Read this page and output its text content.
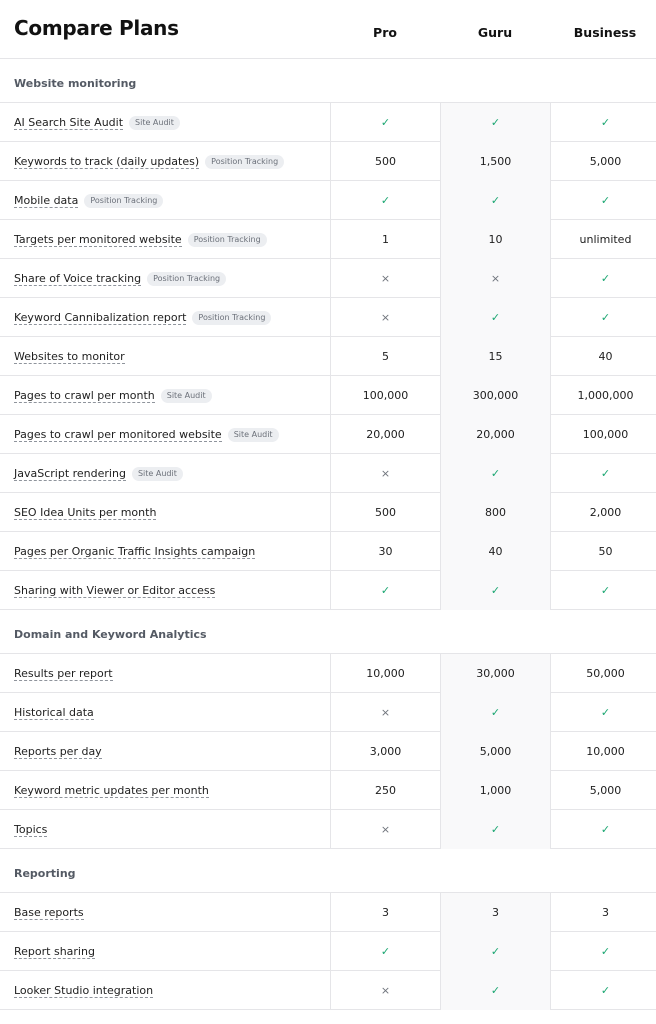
Compare Plans	Pro	Guru	Business
Website monitoring
AI Search Site Audit	Site Audit	✓	✓	✓
Keywords to track (daily updates)	Position Tracking	500	1,500	5,000
Mobile data	Position Tracking	✓	✓	✓
Targets per monitored website	Position Tracking	1	10	unlimited
Share of Voice tracking	Position Tracking	×	×	✓
Keyword Cannibalization report	Position Tracking	×	✓	✓
Websites to monitor	5	15	40
Pages to crawl per month	Site Audit	100,000	300,000	1,000,000
Pages to crawl per monitored website	Site Audit	20,000	20,000	100,000
JavaScript rendering	Site Audit	×	✓	✓
SEO Idea Units per month	500	800	2,000
Pages per Organic Traffic Insights campaign	30	40	50
Sharing with Viewer or Editor access	✓	✓	✓
Domain and Keyword Analytics
Results per report	10,000	30,000	50,000
Historical data	×	✓	✓
Reports per day	3,000	5,000	10,000
Keyword metric updates per month	250	1,000	5,000
Topics	×	✓	✓
Reporting
Base reports	3	3	3
Report sharing	✓	✓	✓
Looker Studio integration	×	✓	✓
